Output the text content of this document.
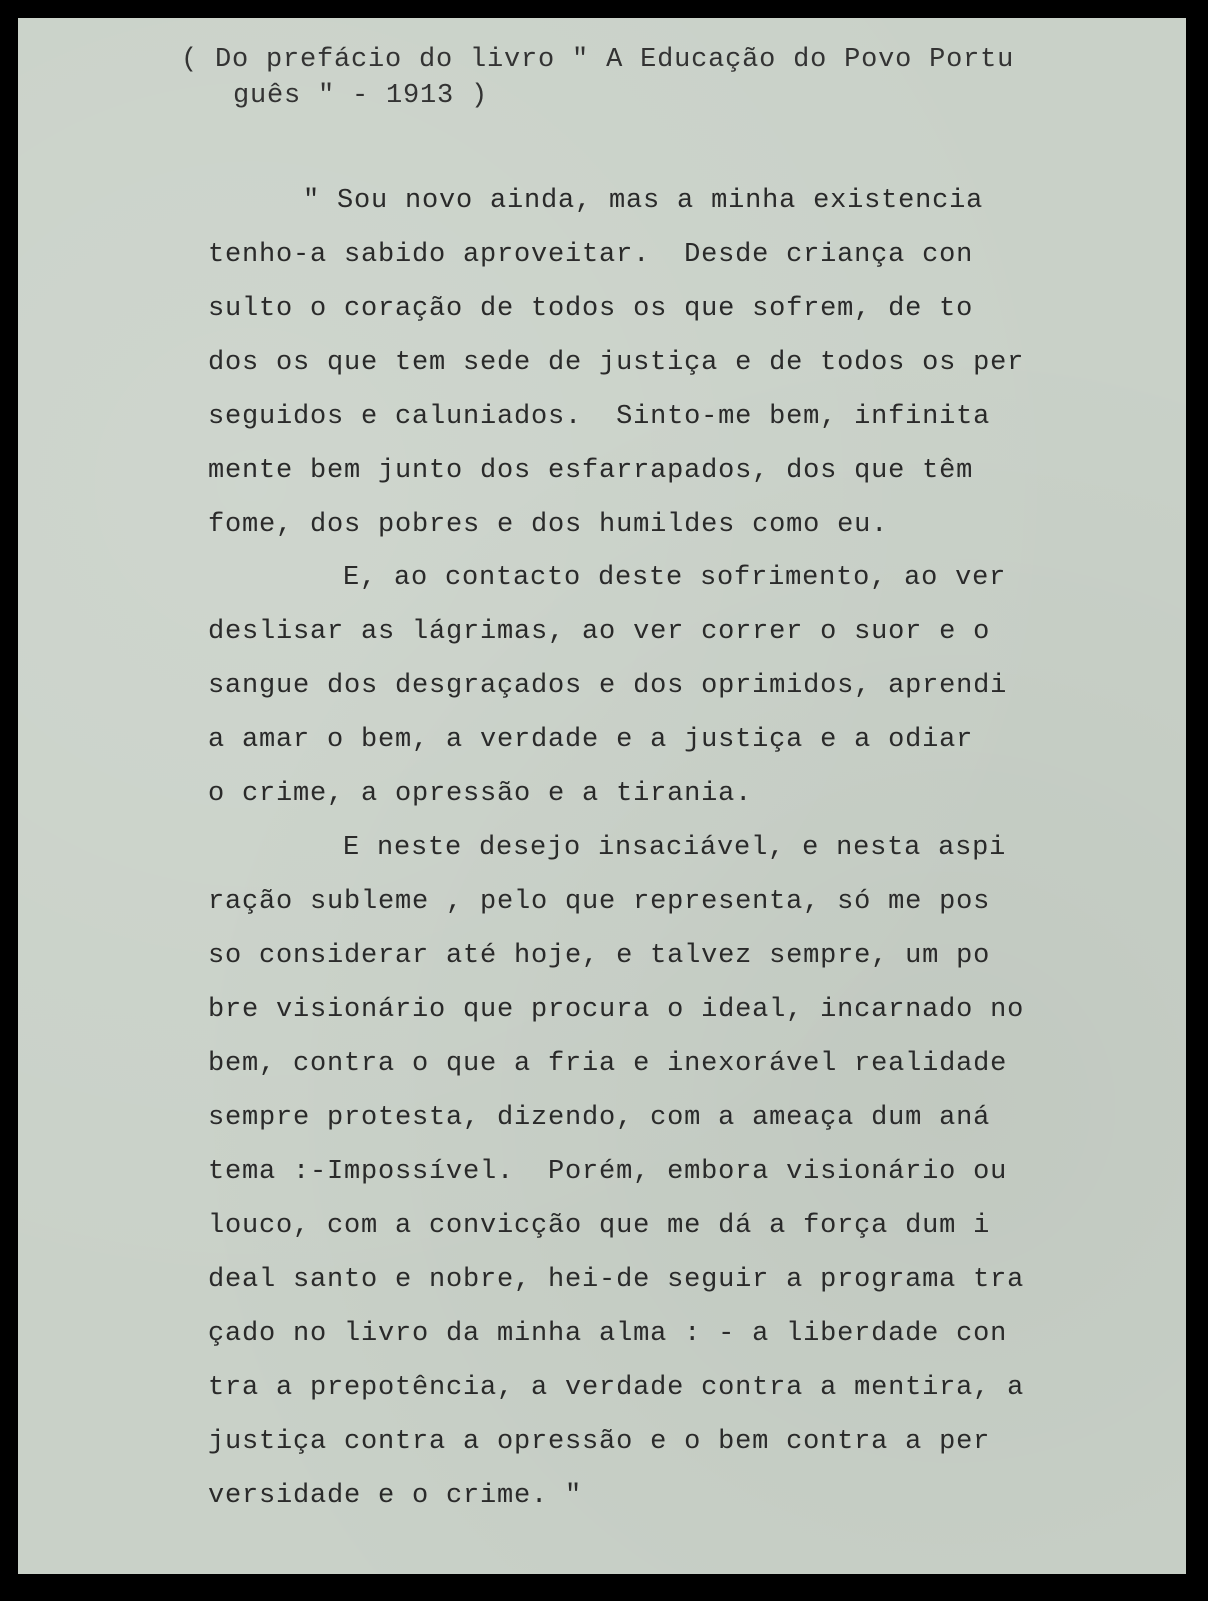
( Do prefácio do livro " A Educação do Povo Portu
guês " - 1913 )
" Sou novo ainda, mas a minha existencia
tenho-a sabido aproveitar.  Desde criança con
sulto o coração de todos os que sofrem, de to
dos os que tem sede de justiça e de todos os per
seguidos e caluniados.  Sinto-me bem, infinita
mente bem junto dos esfarrapados, dos que têm
fome, dos pobres e dos humildes como eu.
E, ao contacto deste sofrimento, ao ver
deslisar as lágrimas, ao ver correr o suor e o
sangue dos desgraçados e dos oprimidos, aprendi
a amar o bem, a verdade e a justiça e a odiar
o crime, a opressão e a tirania.
E neste desejo insaciável, e nesta aspi
ração subleme , pelo que representa, só me pos
so considerar até hoje, e talvez sempre, um po
bre visionário que procura o ideal, incarnado no
bem, contra o que a fria e inexorável realidade
sempre protesta, dizendo, com a ameaça dum aná
tema :-Impossível.  Porém, embora visionário ou
louco, com a convicção que me dá a força dum i
deal santo e nobre, hei-de seguir a programa tra
çado no livro da minha alma : - a liberdade con
tra a prepotência, a verdade contra a mentira, a
justiça contra a opressão e o bem contra a per
versidade e o crime. "
